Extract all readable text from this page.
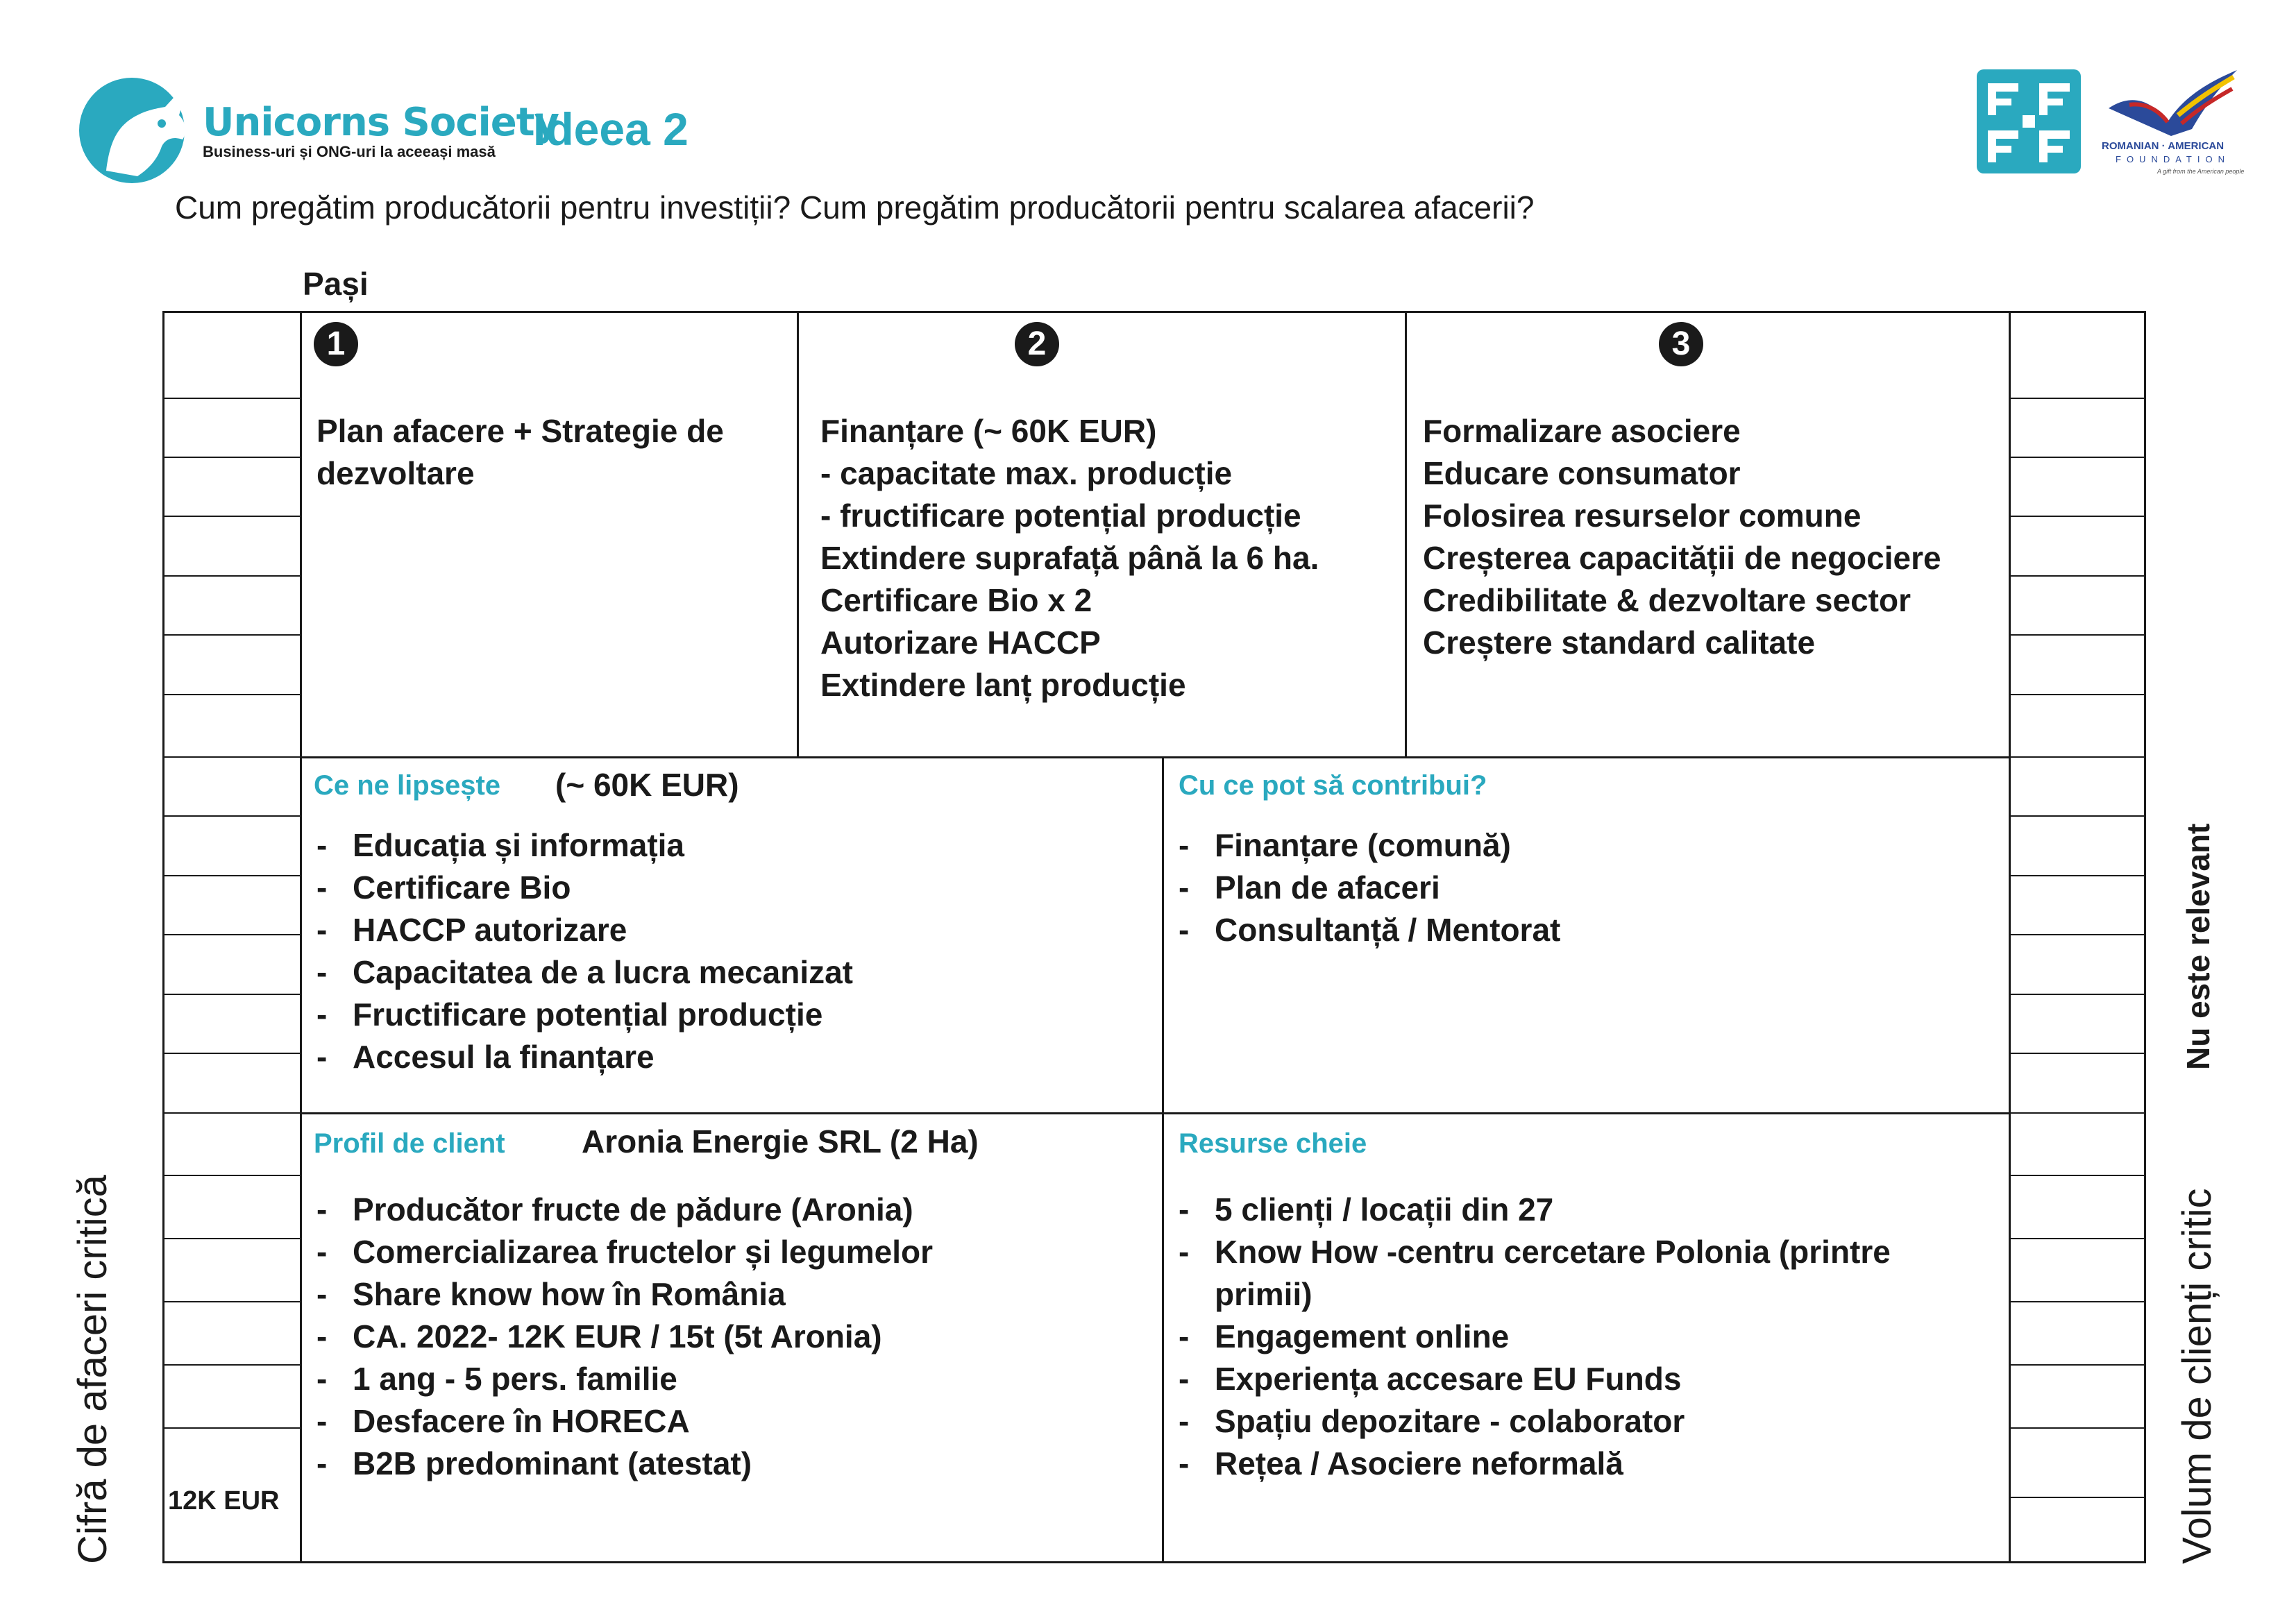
Unicorns Society
Business-uri și ONG-uri la aceeași masă Ideea 2	ROMANIAN · AMERICAN
FOUNDATION
A gift from the American people
Cum pregătim producătorii pentru investiții? Cum pregătim producătorii pentru scalarea afacerii?
Pași
1
Plan afacere + Strategie de
dezvoltare
2
Finanțare (~ 60K EUR)
- capacitate max. producție
- fructificare potențial producție
Extindere suprafață până la 6 ha.
Certificare Bio x 2
Autorizare HACCP
Extindere lanț producție
3
Formalizare asociere
Educare consumator
Folosirea resurselor comune
Creșterea capacității de negociere
Credibilitate & dezvoltare sector
Creștere standard calitate
Ce ne lipsește (~ 60K EUR)
- Educația și informația
- Certificare Bio
- HACCP autorizare
- Capacitatea de a lucra mecanizat
- Fructificare potențial producție
- Accesul la finanțare
Cu ce pot să contribui?
- Finanțare (comună)
- Plan de afaceri
- Consultanță / Mentorat
Profil de client Aronia Energie SRL (2 Ha)
- Producător fructe de pădure (Aronia)
- Comercializarea fructelor și legumelor
- Share know how în România
- CA. 2022- 12K EUR / 15t (5t Aronia)
- 1 ang - 5 pers. familie
- Desfacere în HORECA
- B2B predominant (atestat)
Resurse cheie
- 5 clienți / locații din 27
- Know How -centru cercetare Polonia (printre primii)
- Engagement online
- Experiența accesare EU Funds
- Spațiu depozitare - colaborator
- Rețea / Asociere neformală
12K EUR
Cifră de afaceri critică
Nu este relevant
Volum de clienți critic
